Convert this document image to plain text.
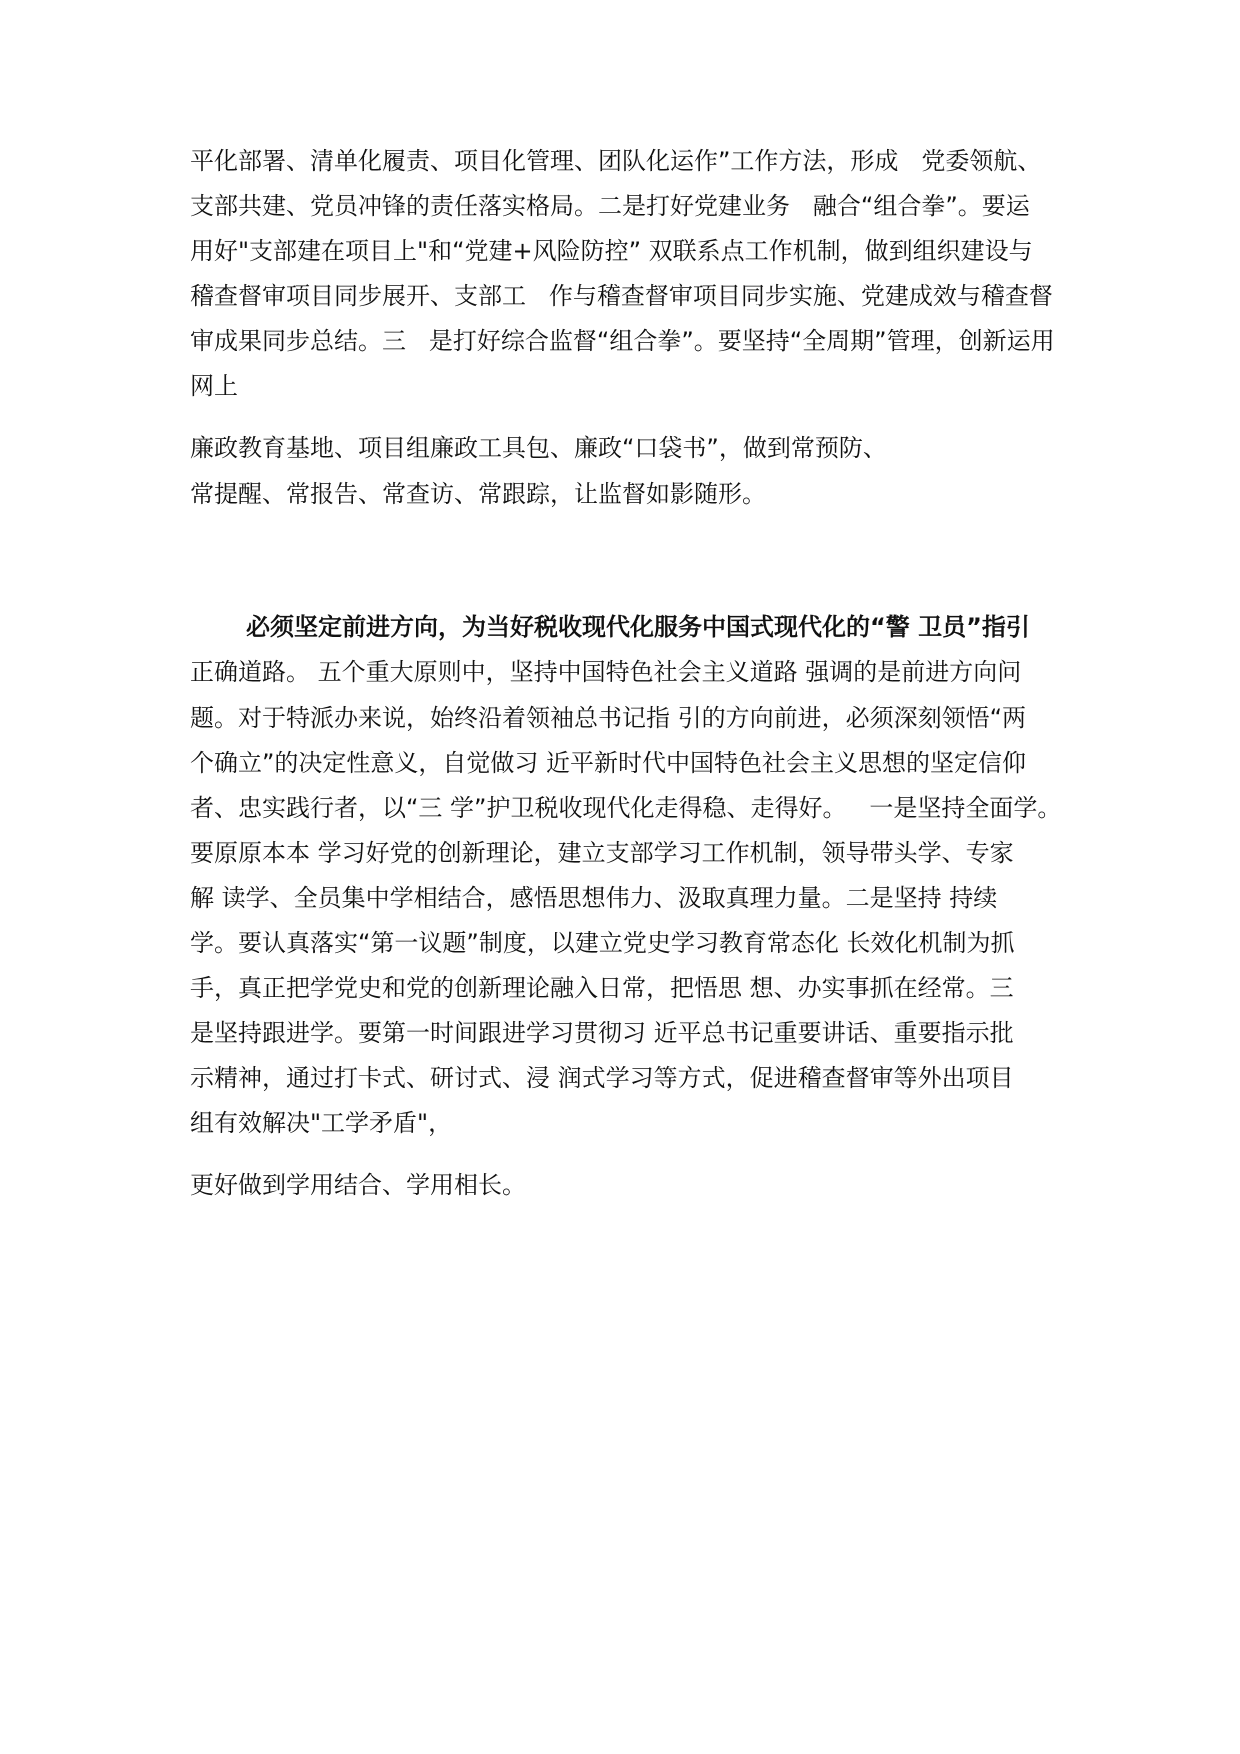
平化部署、清单化履责、项目化管理、团队化运作”工作方法，形成   党委领航、
支部共建、党员冲锋的责任落实格局。二是打好党建业务   融合“组合拳”。要运
用好"支部建在项目上"和“党建+风险防控” 双联系点工作机制，做到组织建设与
稽查督审项目同步展开、支部工   作与稽查督审项目同步实施、党建成效与稽查督
审成果同步总结。三   是打好综合监督“组合拳”。要坚持“全周期”管理，创新运用
网上
廉政教育基地、项目组廉政工具包、廉政“口袋书”，做到常预防、
常提醒、常报告、常查访、常跟踪，让监督如影随形。
必须坚定前进方向，为当好税收现代化服务中国式现代化的“警 卫员”指引
正确道路。 五个重大原则中，坚持中国特色社会主义道路 强调的是前进方向问
题。对于特派办来说，始终沿着领袖总书记指 引的方向前进，必须深刻领悟“两
个确立”的决定性意义，自觉做习 近平新时代中国特色社会主义思想的坚定信仰
者、忠实践行者，以“三 学”护卫税收现代化走得稳、走得好。   一是坚持全面学。
要原原本本 学习好党的创新理论，建立支部学习工作机制，领导带头学、专家
解 读学、全员集中学相结合，感悟思想伟力、汲取真理力量。二是坚持 持续
学。要认真落实“第一议题”制度，以建立党史学习教育常态化 长效化机制为抓
手，真正把学党史和党的创新理论融入日常，把悟思 想、办实事抓在经常。三
是坚持跟进学。要第一时间跟进学习贯彻习 近平总书记重要讲话、重要指示批
示精神，通过打卡式、研讨式、浸 润式学习等方式，促进稽查督审等外出项目
组有效解决"工学矛盾"，
更好做到学用结合、学用相长。
